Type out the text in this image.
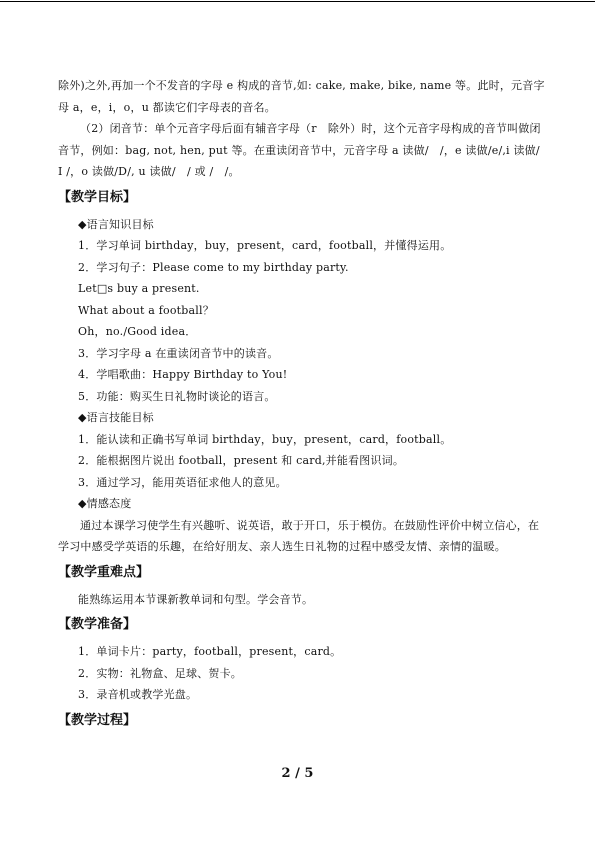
除外)之外,再加一个不发音的字母 e 构成的音节,如: cake, make, bike, name 等。此时，元音字母 a，e，i，o，u 都读它们字母表的音名。

（2）闭音节：单个元音字母后面有辅音字母（r　除外）时，这个元音字母构成的音节叫做闭音节，例如：bag, not, hen, put 等。在重读闭音节中，元音字母 a 读做/　/，e 读做/e/,i 读做/ I /，o 读做/D/, u 读做/　/ 或 /　/。

【教学目标】

◆语言知识目标

1．学习单词 birthday，buy，present，card，football，并懂得运用。

2．学习句子：Please come to my birthday party.

Let□s buy a present.

What about a football？

Oh，no./Good idea．

3．学习字母 a 在重读闭音节中的读音。

4．学唱歌曲：Happy Birthday to You!

5．功能：购买生日礼物时谈论的语言。

◆语言技能目标

1．能认读和正确书写单词 birthday，buy，present，card，football。

2．能根据图片说出 football，present 和 card,并能看图识词。

3．通过学习，能用英语征求他人的意见。

◆情感态度

通过本课学习使学生有兴趣听、说英语，敢于开口，乐于模仿。在鼓励性评价中树立信心，在学习中感受学英语的乐趣，在给好朋友、亲人选生日礼物的过程中感受友情、亲情的温暖。

【教学重难点】

能熟练运用本节课新教单词和句型。学会音节。

【教学准备】

1．单词卡片：party，football，present，card。

2．实物：礼物盒、足球、贺卡。

3．录音机或教学光盘。

【教学过程】
2 / 5
